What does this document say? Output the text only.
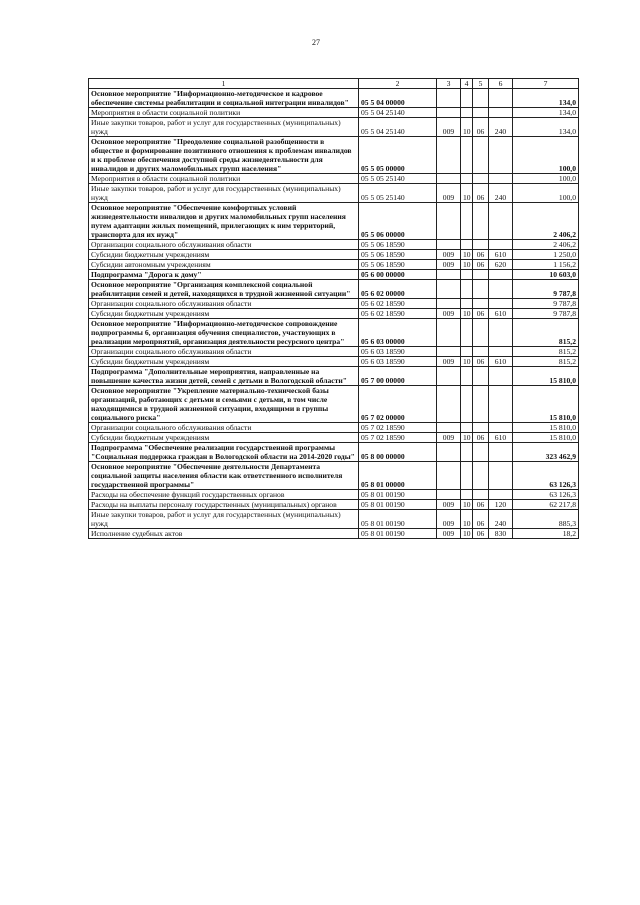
27
1	2	3	4	5	6	7
Основное мероприятие "Информационно-методическое и кадровое обеспечение системы реабилитации и социальной интеграции инвалидов"	05 5 04 00000					134,0
Мероприятия в области социальной политики	05 5 04 25140					134,0
Иные закупки товаров, работ и услуг для государственных (муниципальных) нужд	05 5 04 25140	009	10	06	240	134,0
Основное мероприятие "Преодоление социальной разобщенности в обществе и формирование позитивного отношения к проблемам инвалидов и к проблеме обеспечения доступной среды жизнедеятельности для инвалидов и других маломобильных групп населения"	05 5 05 00000					100,0
Мероприятия в области социальной политики	05 5 05 25140					100,0
Иные закупки товаров, работ и услуг для государственных (муниципальных) нужд	05 5 05 25140	009	10	06	240	100,0
Основное мероприятие "Обеспечение комфортных условий жизнедеятельности инвалидов и других маломобильных групп населения путем адаптации жилых помещений, прилегающих к ним территорий, транспорта для их нужд"	05 5 06 00000					2 406,2
Организации социального обслуживания области	05 5 06 18590					2 406,2
Субсидии бюджетным учреждениям	05 5 06 18590	009	10	06	610	1 250,0
Субсидии автономным учреждениям	05 5 06 18590	009	10	06	620	1 156,2
Подпрограмма "Дорога к дому"	05 6 00 00000					10 603,0
Основное мероприятие "Организация комплексной социальной реабилитации семей и детей, находящихся в трудной жизненной ситуации"	05 6 02 00000					9 787,8
Организации социального обслуживания области	05 6 02 18590					9 787,8
Субсидии бюджетным учреждениям	05 6 02 18590	009	10	06	610	9 787,8
Основное мероприятие "Информационно-методическое сопровождение подпрограммы 6, организация обучения специалистов, участвующих в реализации мероприятий, организация деятельности ресурсного центра"	05 6 03 00000					815,2
Организации социального обслуживания области	05 6 03 18590					815,2
Субсидии бюджетным учреждениям	05 6 03 18590	009	10	06	610	815,2
Подпрограмма "Дополнительные мероприятия, направленные на повышение качества жизни детей, семей с детьми в Вологодской области"	05 7 00 00000					15 810,0
Основное мероприятие "Укрепление материально-технической базы организаций, работающих с детьми и семьями с детьми, в том числе находящимися в трудной жизненной ситуации, входящими в группы социального риска"	05 7 02 00000					15 810,0
Организации социального обслуживания области	05 7 02 18590					15 810,0
Субсидии бюджетным учреждениям	05 7 02 18590	009	10	06	610	15 810,0
Подпрограмма "Обеспечение реализации государственной программы "Социальная поддержка граждан в Вологодской области на 2014-2020 годы"	05 8 00 00000					323 462,9
Основное мероприятие "Обеспечение деятельности Департамента социальной защиты населения области как ответственного исполнителя государственной программы"	05 8 01 00000					63 126,3
Расходы на обеспечение функций государственных органов	05 8 01 00190					63 126,3
Расходы на выплаты персоналу государственных (муниципальных) органов	05 8 01 00190	009	10	06	120	62 217,8
Иные закупки товаров, работ и услуг для государственных (муниципальных) нужд	05 8 01 00190	009	10	06	240	885,3
Исполнение судебных актов	05 8 01 00190	009	10	06	830	18,2
